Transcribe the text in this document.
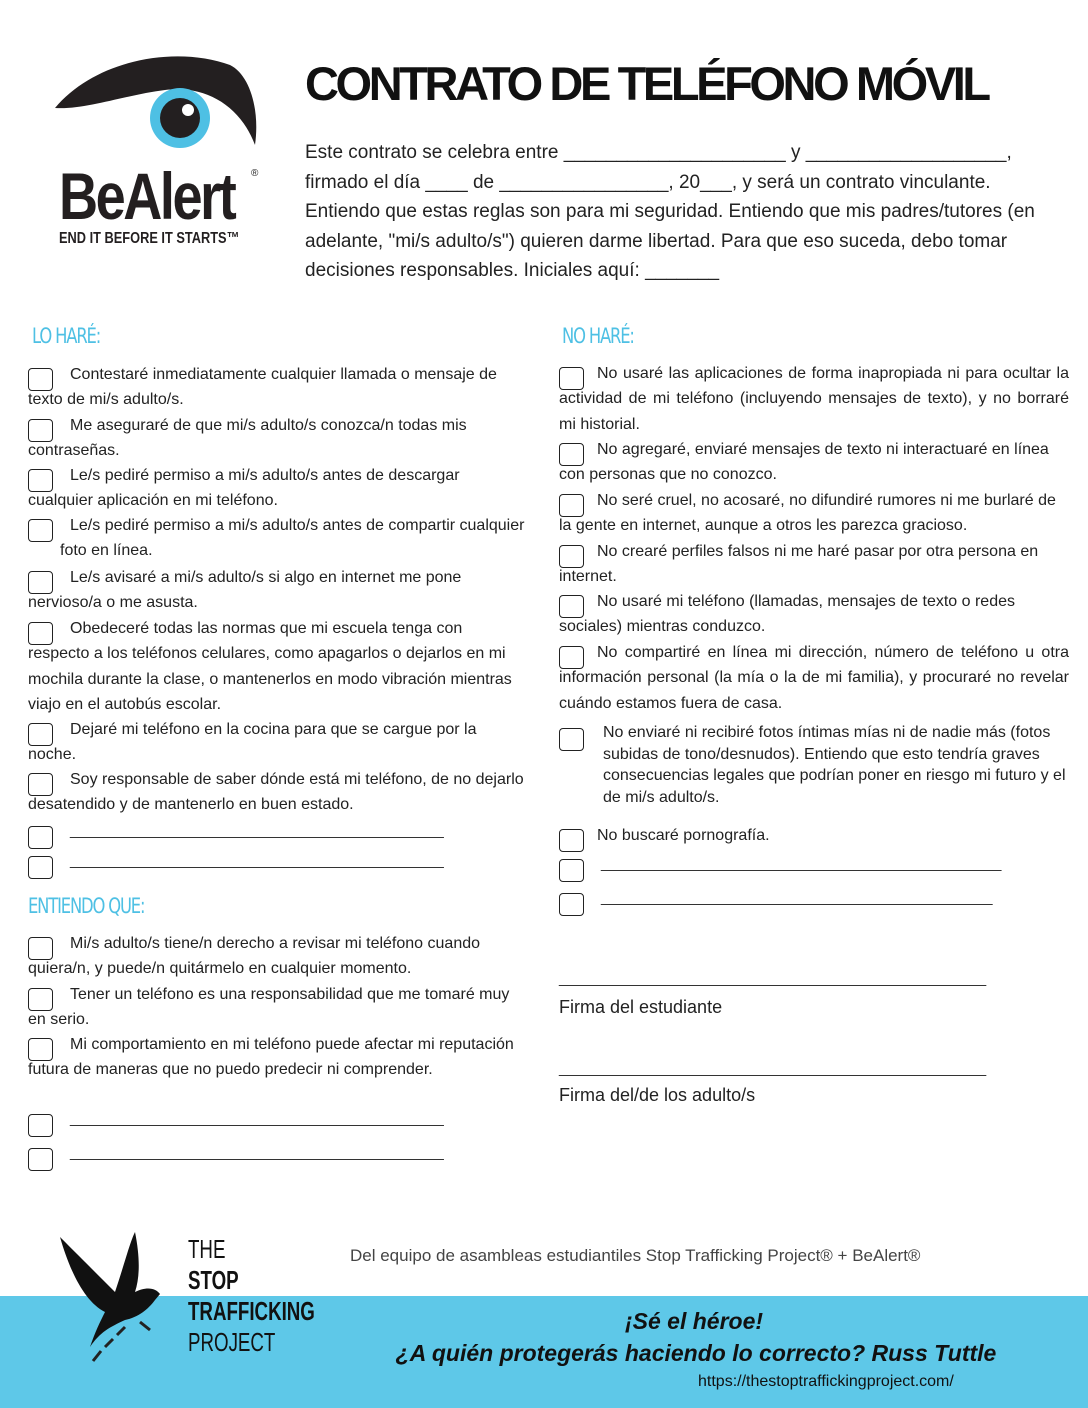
BeAlert ®
END IT BEFORE IT STARTS™
CONTRATO DE TELÉFONO MÓVIL

Este contrato se celebra entre _____________________ y ___________________, firmado el día ____ de ________________, 20___, y será un contrato vinculante. Entiendo que estas reglas son para mi seguridad. Entiendo que mis padres/tutores (en adelante, "mi/s adulto/s") quieren darme libertad. Para que eso suceda, debo tomar decisiones responsables. Iniciales aquí: _______

LO HARÉ:
ENTIENDO QUE:
NO HARÉ:
________________________________________________
Firma del estudiante
________________________________________________
Firma del/de los adulto/s
THE
STOP
TRAFFICKING
PROJECT
Del equipo de asambleas estudiantiles Stop Trafficking Project® + BeAlert®
¡Sé el héroe!
¿A quién protegerás haciendo lo correcto? Russ Tuttle
https://thestoptraffickingproject.com/
Contestaré inmediatamente cualquier llamada o mensaje de texto de mi/s adulto/s.
Me aseguraré de que mi/s adulto/s conozca/n todas mis contraseñas.
Le/s pediré permiso a mi/s adulto/s antes de descargar cualquier aplicación en mi teléfono.
Le/s pediré permiso a mi/s adulto/s antes de compartir cualquier foto en línea.
Le/s avisaré a mi/s adulto/s si algo en internet me pone nervioso/a o me asusta.
Obedeceré todas las normas que mi escuela tenga con respecto a los teléfonos celulares, como apagarlos o dejarlos en mi mochila durante la clase, o mantenerlos en modo vibración mientras viajo en el autobús escolar.
Dejaré mi teléfono en la cocina para que se cargue por la noche.
Soy responsable de saber dónde está mi teléfono, de no dejarlo desatendido y de mantenerlo en buen estado.
__________________________________________
__________________________________________
Mi/s adulto/s tiene/n derecho a revisar mi teléfono cuando quiera/n, y puede/n quitármelo en cualquier momento.
Tener un teléfono es una responsabilidad que me tomaré muy en serio.
Mi comportamiento en mi teléfono puede afectar mi reputación futura de maneras que no puedo predecir ni comprender.
__________________________________________
__________________________________________
No usaré las aplicaciones de forma inapropiada ni para ocultar la actividad de mi teléfono (incluyendo mensajes de texto), y no borraré mi historial.
No agregaré, enviaré mensajes de texto ni interactuaré en línea con personas que no conozco.
No seré cruel, no acosaré, no difundiré rumores ni me burlaré de la gente en internet, aunque a otros les parezca gracioso.
No crearé perfiles falsos ni me haré pasar por otra persona en internet.
No usaré mi teléfono (llamadas, mensajes de texto o redes sociales) mientras conduzco.
No compartiré en línea mi dirección, número de teléfono u otra información personal (la mía o la de mi familia), y procuraré no revelar cuándo estamos fuera de casa.
No enviaré ni recibiré fotos íntimas mías ni de nadie más (fotos subidas de tono/desnudos). Entiendo que esto tendría graves consecuencias legales que podrían poner en riesgo mi futuro y el de mi/s adulto/s.
No buscaré pornografía.
_____________________________________________
____________________________________________
